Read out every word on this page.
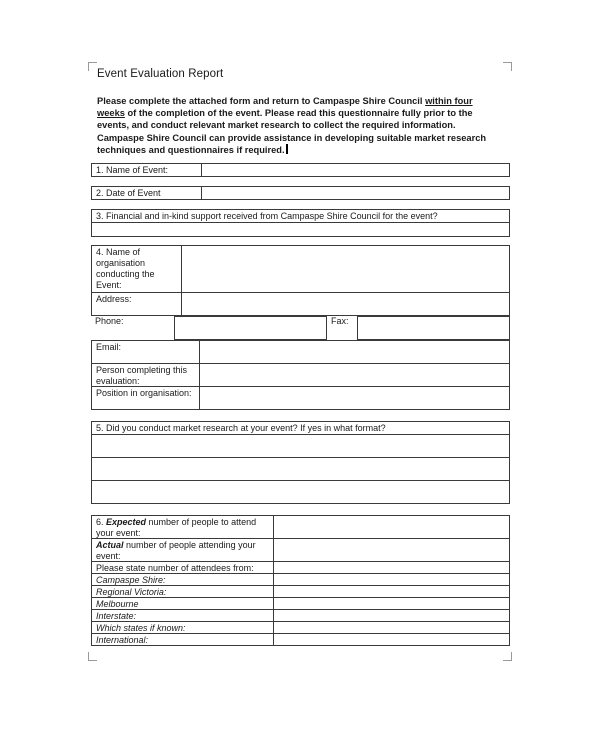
Event Evaluation Report
Please complete the attached form and return to Campaspe Shire Council within four weeks of the completion of the event. Please read this questionnaire fully prior to the events, and conduct relevant market research to collect the required information. Campaspe Shire Council can provide assistance in developing suitable market research techniques and questionnaires if required.
1. Name of Event:
2. Date of Event
3. Financial and in-kind support received from Campaspe Shire Council for the event?
4. Name of organisation conducting the Event:
Address:
Phone:	Fax:
Email:
Person completing this evaluation:
Position in organisation:
5. Did you conduct market research at your event? If yes in what format?
6. Expected number of people to attend your event:
Actual number of people attending your event:
Please state number of attendees from:
Campaspe Shire:
Regional Victoria:
Melbourne
Interstate:
Which states if known:
International:
